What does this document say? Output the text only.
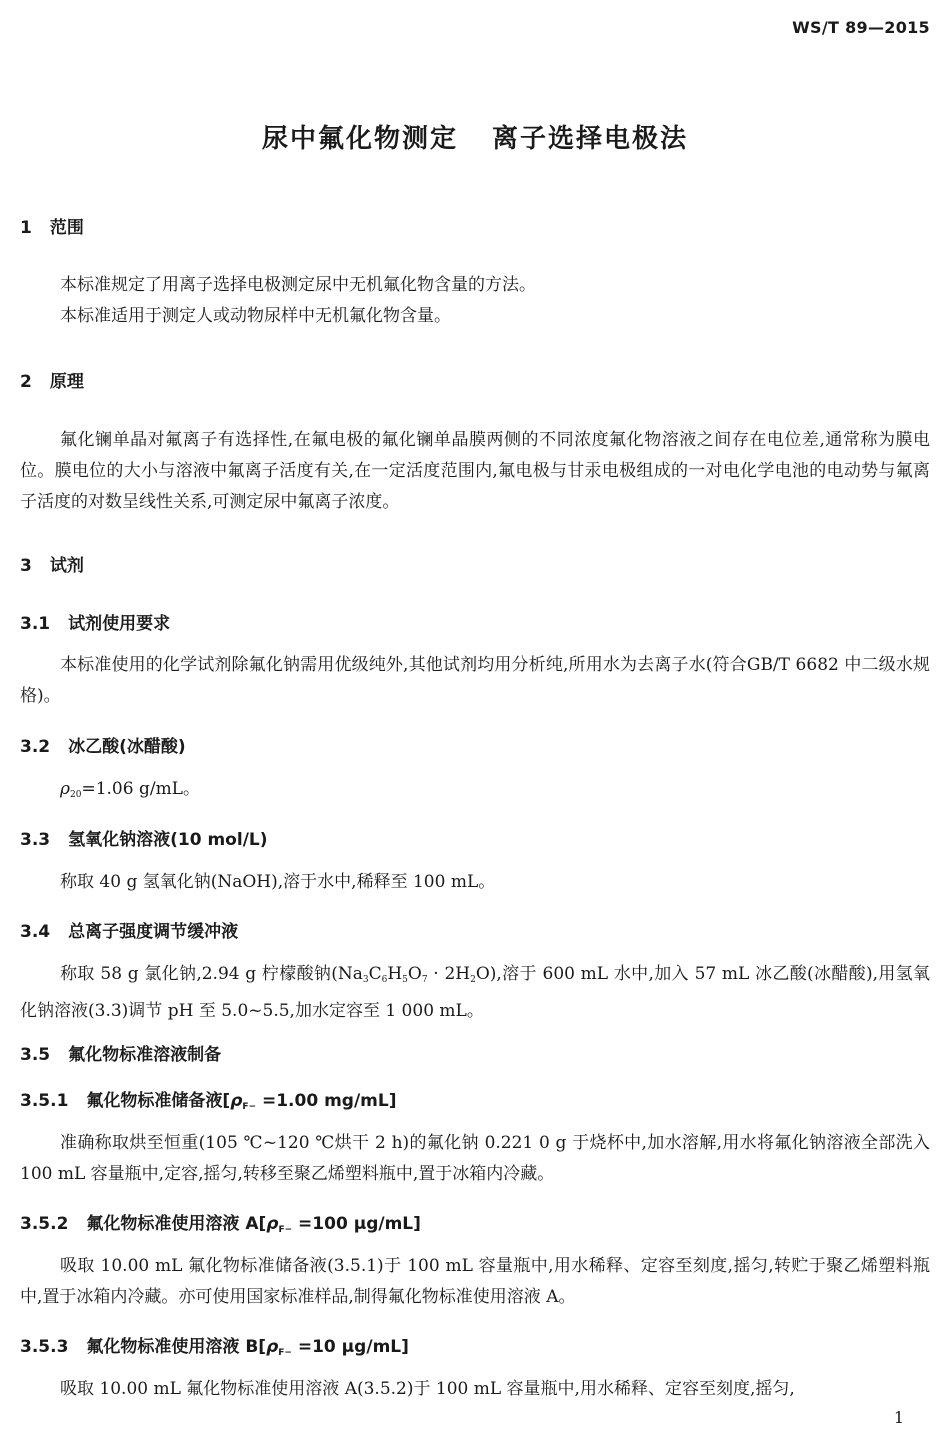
WS/T 89—2015
尿中氟化物测定 离子选择电极法
1 范围
本标准规定了用离子选择电极测定尿中无机氟化物含量的方法。
本标准适用于测定人或动物尿样中无机氟化物含量。
2 原理
氟化镧单晶对氟离子有选择性,在氟电极的氟化镧单晶膜两侧的不同浓度氟化物溶液之间存在电位差,通常称为膜电位。膜电位的大小与溶液中氟离子活度有关,在一定活度范围内,氟电极与甘汞电极组成的一对电化学电池的电动势与氟离子活度的对数呈线性关系,可测定尿中氟离子浓度。
3 试剂
3.1 试剂使用要求
本标准使用的化学试剂除氟化钠需用优级纯外,其他试剂均用分析纯,所用水为去离子水(符合GB/T 6682 中二级水规格)。
3.2 冰乙酸(冰醋酸)
$\rho_{20}=1.06$ g/mL。
3.3 氢氧化钠溶液(10 mol/L)
称取 40 g 氢氧化钠(NaOH),溶于水中,稀释至 100 mL。
3.4 总离子强度调节缓冲液
称取 58 g 氯化钠,2.94 g 柠檬酸钠$(Na_3C_6H_5O_7 \cdot 2H_2O)$,溶于 600 mL 水中,加入 57 mL 冰乙酸(冰醋酸),用氢氧化钠溶液(3.3)调节 pH 至 5.0~5.5,加水定容至 1 000 mL。
3.5 氟化物标准溶液制备
3.5.1 氟化物标准储备液[$\rho_{F-} =1.00$ mg/mL]
准确称取烘至恒重(105 ℃~120 ℃烘干 2 h)的氟化钠 0.221 0 g 于烧杯中,加水溶解,用水将氟化钠溶液全部洗入 100 mL 容量瓶中,定容,摇匀,转移至聚乙烯塑料瓶中,置于冰箱内冷藏。
3.5.2 氟化物标准使用溶液 $A[\rho_{F-} =100$ μg/mL]
吸取 10.00 mL 氟化物标准储备液(3.5.1)于 100 mL 容量瓶中,用水稀释、定容至刻度,摇匀,转贮于聚乙烯塑料瓶中,置于冰箱内冷藏。亦可使用国家标准样品,制得氟化物标准使用溶液 A。
3.5.3 氟化物标准使用溶液 $B[\rho_{F-} =10$ μg/mL]
吸取 10.00 mL 氟化物标准使用溶液 A(3.5.2)于 100 mL 容量瓶中,用水稀释、定容至刻度,摇匀,
1
